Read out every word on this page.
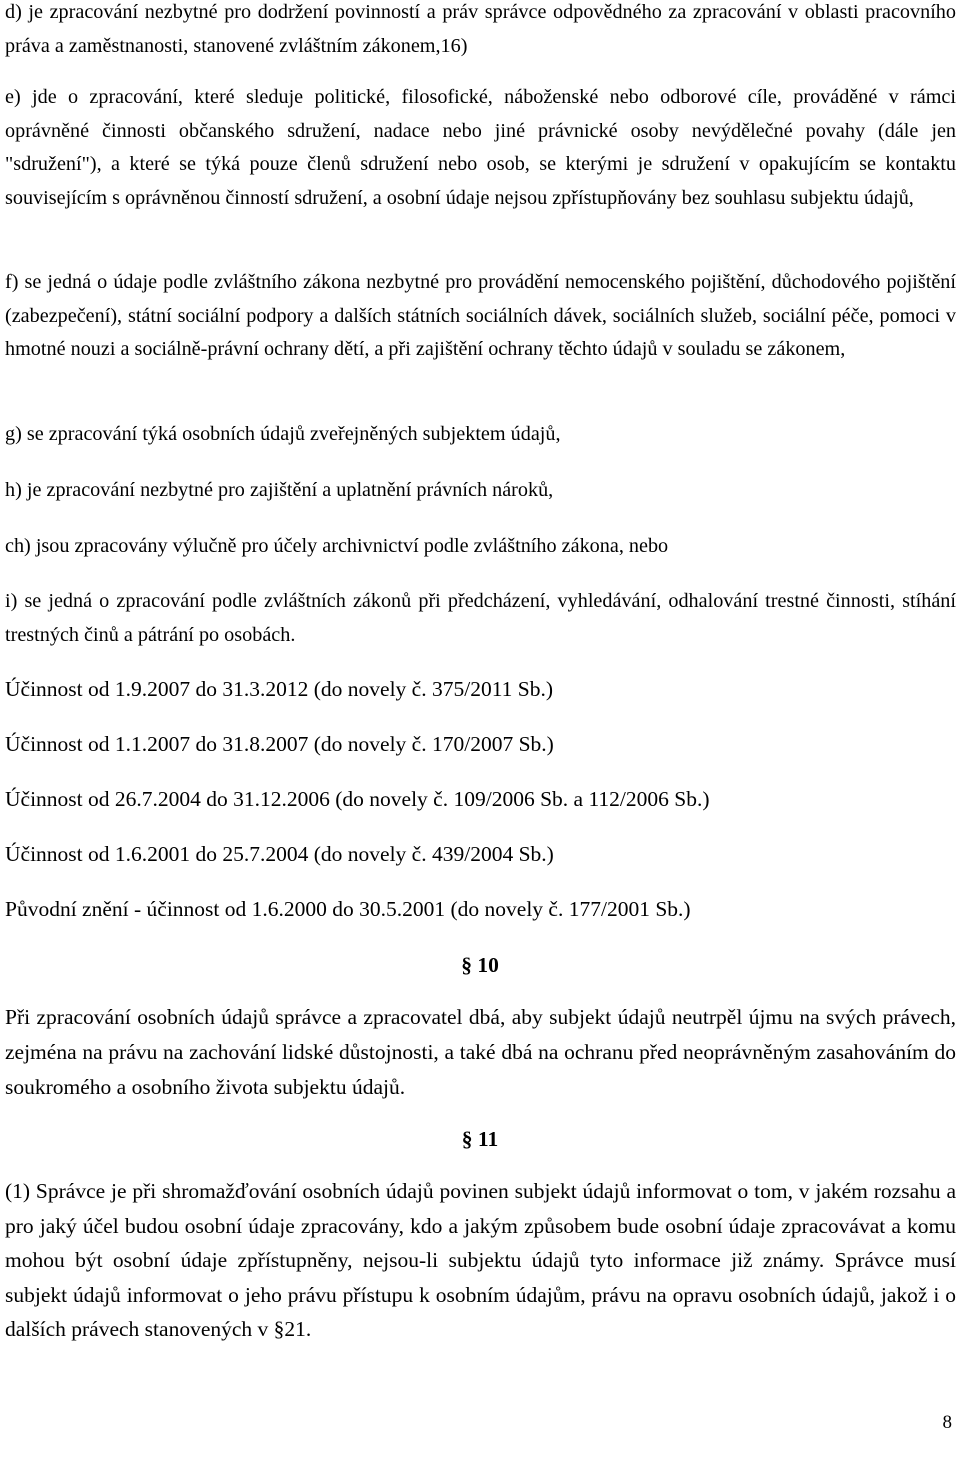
d) je zpracování nezbytné pro dodržení povinností a práv správce odpovědného za zpracování v oblasti pracovního práva a zaměstnanosti, stanovené zvláštním zákonem,16)

e) jde o zpracování, které sleduje politické, filosofické, náboženské nebo odborové cíle, prováděné v rámci oprávněné činnosti občanského sdružení, nadace nebo jiné právnické osoby nevýdělečné povahy (dále jen "sdružení"), a které se týká pouze členů sdružení nebo osob, se kterými je sdružení v opakujícím se kontaktu souvisejícím s oprávněnou činností sdružení, a osobní údaje nejsou zpřístupňovány bez souhlasu subjektu údajů,

f) se jedná o údaje podle zvláštního zákona nezbytné pro provádění nemocenského pojištění, důchodového pojištění (zabezpečení), státní sociální podpory a dalších státních sociálních dávek, sociálních služeb, sociální péče, pomoci v hmotné nouzi a sociálně-právní ochrany dětí, a při zajištění ochrany těchto údajů v souladu se zákonem,

g) se zpracování týká osobních údajů zveřejněných subjektem údajů,

h) je zpracování nezbytné pro zajištění a uplatnění právních nároků,

ch) jsou zpracovány výlučně pro účely archivnictví podle zvláštního zákona, nebo

i) se jedná o zpracování podle zvláštních zákonů při předcházení, vyhledávání, odhalování trestné činnosti, stíhání trestných činů a pátrání po osobách.

Účinnost od 1.9.2007 do 31.3.2012 (do novely č. 375/2011 Sb.)

Účinnost od 1.1.2007 do 31.8.2007 (do novely č. 170/2007 Sb.)

Účinnost od 26.7.2004 do 31.12.2006 (do novely č. 109/2006 Sb. a 112/2006 Sb.)

Účinnost od 1.6.2001 do 25.7.2004 (do novely č. 439/2004 Sb.)

Původní znění - účinnost od 1.6.2000 do 30.5.2001 (do novely č. 177/2001 Sb.)

§ 10

Při zpracování osobních údajů správce a zpracovatel dbá, aby subjekt údajů neutrpěl újmu na svých právech, zejména na právu na zachování lidské důstojnosti, a také dbá na ochranu před neoprávněným zasahováním do soukromého a osobního života subjektu údajů.

§ 11

(1) Správce je při shromažďování osobních údajů povinen subjekt údajů informovat o tom, v jakém rozsahu a pro jaký účel budou osobní údaje zpracovány, kdo a jakým způsobem bude osobní údaje zpracovávat a komu mohou být osobní údaje zpřístupněny, nejsou-li subjektu údajů tyto informace již známy. Správce musí subjekt údajů informovat o jeho právu přístupu k osobním údajům, právu na opravu osobních údajů, jakož i o dalších právech stanovených v §21.

8
